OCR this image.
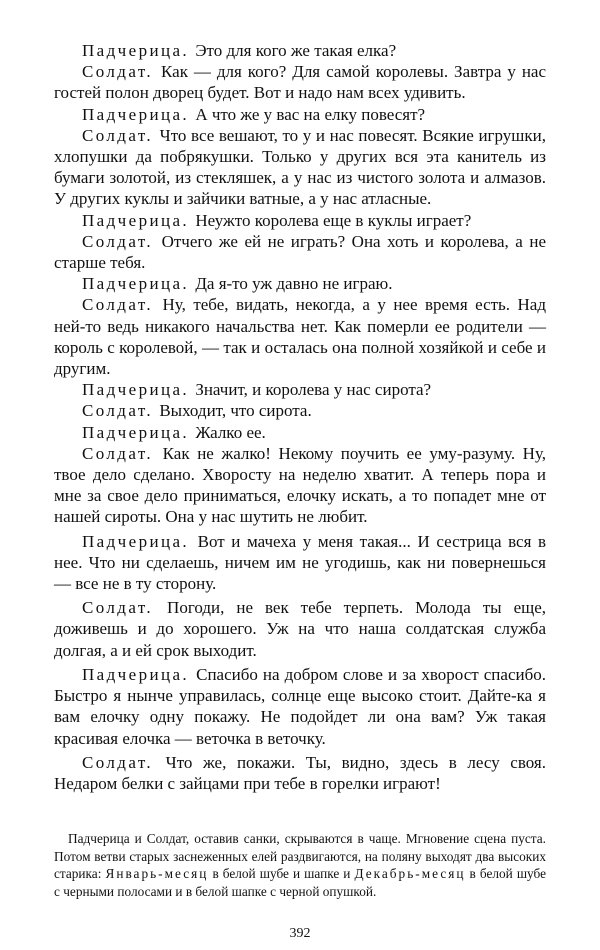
Падчерица. Это для кого же такая елка?

Солдат. Как — для кого? Для самой королевы. Завтра у нас гостей полон дворец будет. Вот и надо нам всех удивить.

Падчерица. А что же у вас на елку повесят?

Солдат. Что все вешают, то у и нас повесят. Всякие игрушки, хлопушки да побрякушки. Только у других вся эта канитель из бумаги золотой, из стекляшек, а у нас из чистого золота и алмазов. У других куклы и зайчики ватные, а у нас атласные.

Падчерица. Неужто королева еще в куклы играет?

Солдат. Отчего же ей не играть? Она хоть и королева, а не старше тебя.

Падчерица. Да я-то уж давно не играю.

Солдат. Ну, тебе, видать, некогда, а у нее время есть. Над ней-то ведь никакого начальства нет. Как померли ее родители — король с королевой, — так и осталась она полной хозяйкой и себе и другим.

Падчерица. Значит, и королева у нас сирота?

Солдат. Выходит, что сирота.

Падчерица. Жалко ее.

Солдат. Как не жалко! Некому поучить ее уму-разуму. Ну, твое дело сделано. Хворосту на неделю хватит. А теперь пора и мне за свое дело приниматься, елочку искать, а то попадет мне от нашей сироты. Она у нас шутить не любит.

Падчерица. Вот и мачеха у меня такая... И сестрица вся в нее. Что ни сделаешь, ничем им не угодишь, как ни повернешься — все не в ту сторону.

Солдат. Погоди, не век тебе терпеть. Молода ты еще, доживешь и до хорошего. Уж на что наша солдатская служба долгая, а и ей срок выходит.

Падчерица. Спасибо на добром слове и за хворост спасибо. Быстро я нынче управилась, солнце еще высоко стоит. Дайте-ка я вам елочку одну покажу. Не подойдет ли она вам? Уж такая красивая елочка — веточка в веточку.

Солдат. Что же, покажи. Ты, видно, здесь в лесу своя. Недаром белки с зайцами при тебе в горелки играют!

Падчерица и Солдат, оставив санки, скрываются в чаще. Мгновение сцена пуста. Потом ветви старых заснеженных елей раздвигаются, на поляну выходят два высоких старика: Январь-месяц в белой шубе и шапке и Декабрь-месяц в белой шубе с черными полосами и в белой шапке с черной опушкой.

392
